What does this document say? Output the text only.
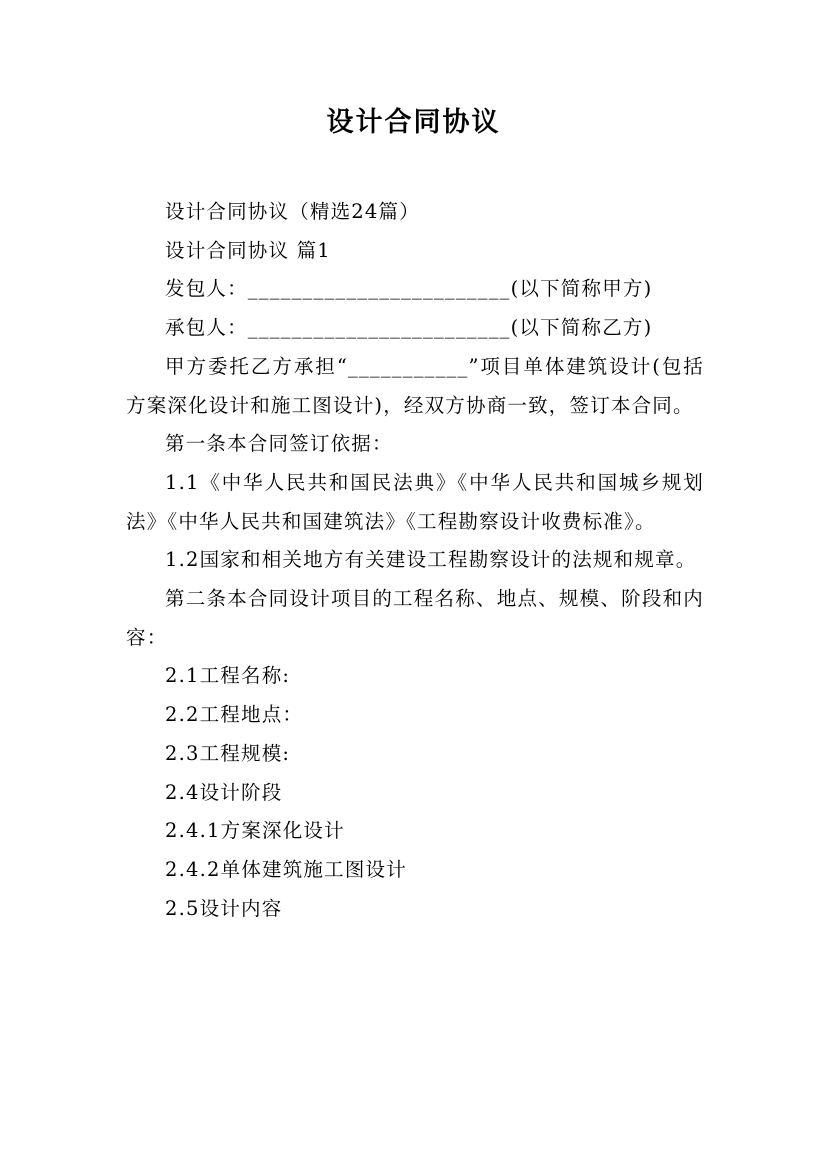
设计合同协议

设计合同协议（精选24篇）

设计合同协议 篇1

发包人：________________________(以下简称甲方)

承包人：________________________(以下简称乙方)

甲方委托乙方承担“___________”项目单体建筑设计(包括方案深化设计和施工图设计)，经双方协商一致，签订本合同。

第一条本合同签订依据：

1.1《中华人民共和国民法典》《中华人民共和国城乡规划法》《中华人民共和国建筑法》《工程勘察设计收费标准》。

1.2国家和相关地方有关建设工程勘察设计的法规和规章。

第二条本合同设计项目的工程名称、地点、规模、阶段和内容：

2.1工程名称:

2.2工程地点：

2.3工程规模:

2.4设计阶段

2.4.1方案深化设计

2.4.2单体建筑施工图设计

2.5设计内容
